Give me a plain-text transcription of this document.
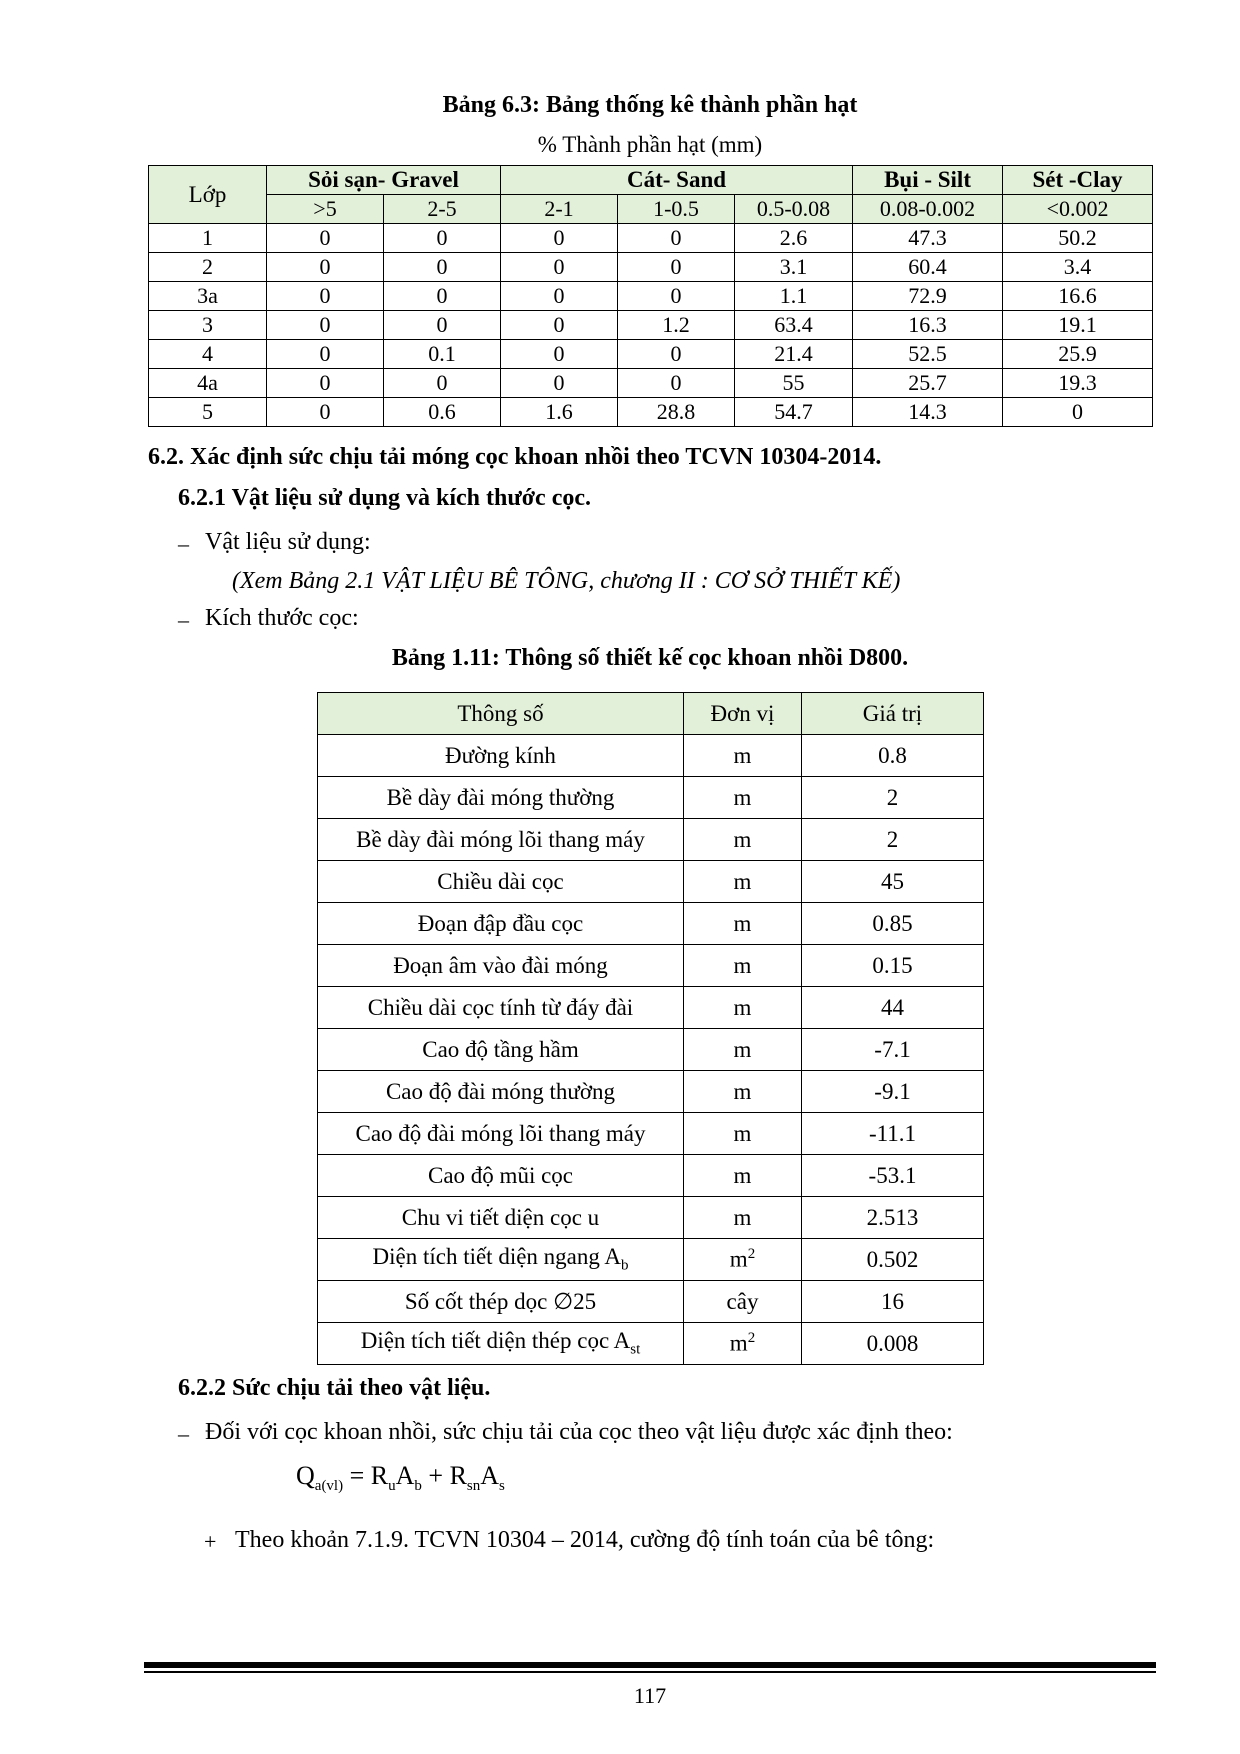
Bảng 6.3: Bảng thống kê thành phần hạt
% Thành phần hạt (mm)
Lớp	Sỏi sạn- Gravel		Cát- Sand			Bụi - Silt	Sét -Clay
	>5	2-5	2-1	1-0.5	0.5-0.08	0.08-0.002	<0.002
1	0	0	0	0	2.6	47.3	50.2
2	0	0	0	0	3.1	60.4	3.4
3a	0	0	0	0	1.1	72.9	16.6
3	0	0	0	1.2	63.4	16.3	19.1
4	0	0.1	0	0	21.4	52.5	25.9
4a	0	0	0	0	55	25.7	19.3
5	0	0.6	1.6	28.8	54.7	14.3	0
6.2. Xác định sức chịu tải móng cọc khoan nhồi theo TCVN 10304-2014.
6.2.1 Vật liệu sử dụng và kích thước cọc.
– Vật liệu sử dụng:
(Xem Bảng 2.1 VẬT LIỆU BÊ TÔNG, chương II : CƠ SỞ THIẾT KẾ)
– Kích thước cọc:
Bảng 1.11: Thông số thiết kế cọc khoan nhồi D800.
Thông số	Đơn vị	Giá trị
Đường kính	m	0.8
Bề dày đài móng thường	m	2
Bề dày đài móng lõi thang máy	m	2
Chiều dài cọc	m	45
Đoạn đập đầu cọc	m	0.85
Đoạn âm vào đài móng	m	0.15
Chiều dài cọc tính từ đáy đài	m	44
Cao độ tầng hầm	m	-7.1
Cao độ đài móng thường	m	-9.1
Cao độ đài móng lõi thang máy	m	-11.1
Cao độ mũi cọc	m	-53.1
Chu vi tiết diện cọc u	m	2.513
Diện tích tiết diện ngang $A_b$	$m^2$	0.502
Số cốt thép dọc ∅25	cây	16
Diện tích tiết diện thép cọc $A_{st}$	$m^2$	0.008
6.2.2 Sức chịu tải theo vật liệu.
– Đối với cọc khoan nhồi, sức chịu tải của cọc theo vật liệu được xác định theo:
$Q_{a(vl)} = R_uA_b + R_{sn}A_s$
+ Theo khoản 7.1.9. TCVN 10304 – 2014, cường độ tính toán của bê tông:
117
